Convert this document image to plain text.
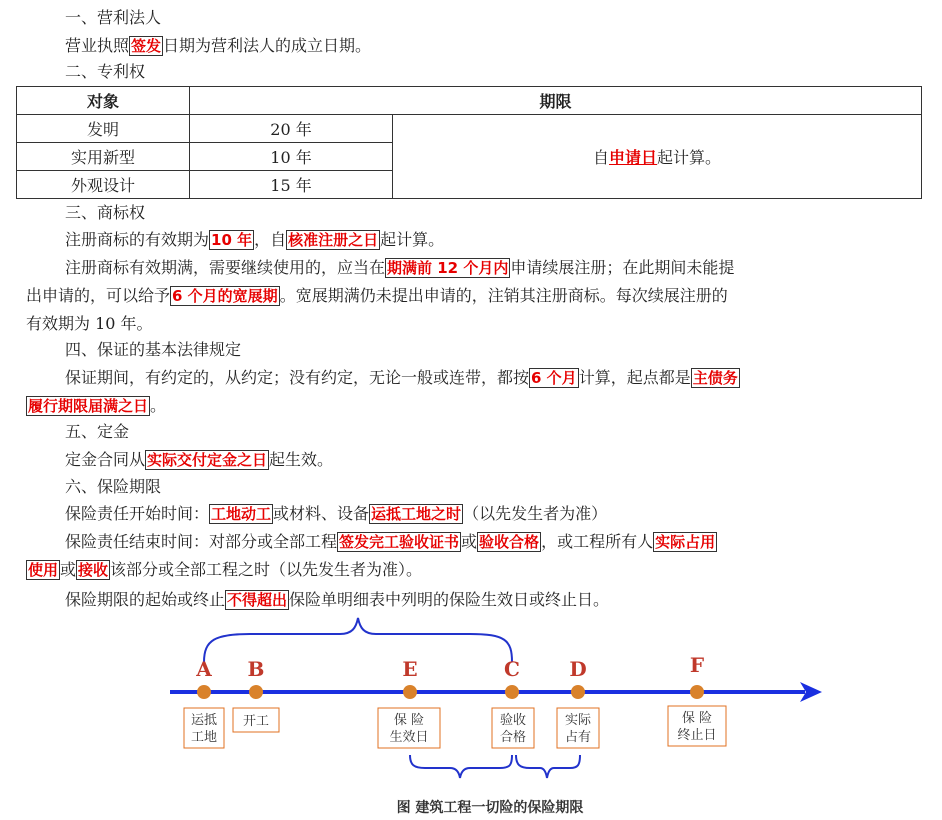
一、营利法人
营业执照 签发 日期为营利法人的成立日期。
二、专利权
对象	期限	
发明	20 年	自申请日起计算。
实用新型	10 年	
外观设计	15 年	
三、商标权
注册商标的有效期为 10 年 ，自 核准注册之日 起计算。
注册商标有效期满，需要继续使用的，应当在 期满前 12 个月内 申请续展注册；在此期间未能提
出申请的，可以给予 6 个月的宽展期 。宽展期满仍未提出申请的，注销其注册商标。每次续展注册的
有效期为 10 年。
四、保证的基本法律规定
保证期间，有约定的，从约定；没有约定，无论一般或连带，都按 6 个月 计算，起点都是 主债务
履行期限届满之日 。
五、定金
定金合同从 实际交付定金之日 起生效。
六、保险期限
保险责任开始时间： 工地动工 或材料、设备 运抵工地之时 （以先发生者为准）
保险责任结束时间：对部分或全部工程 签发完工验收证书 或 验收合格 ，或工程所有人 实际占用
使用 或 接收 该部分或全部工程之时（以先发生者为准）。
保险期限的起始或终止 不得超出 保险单明细表中列明的保险生效日或终止日。
A
运抵
工地
B
开工
E
保 险
生效日
C
验收
合格
D
实际
占有
F
保 险
终止日
图 建筑工程一切险的保险期限
